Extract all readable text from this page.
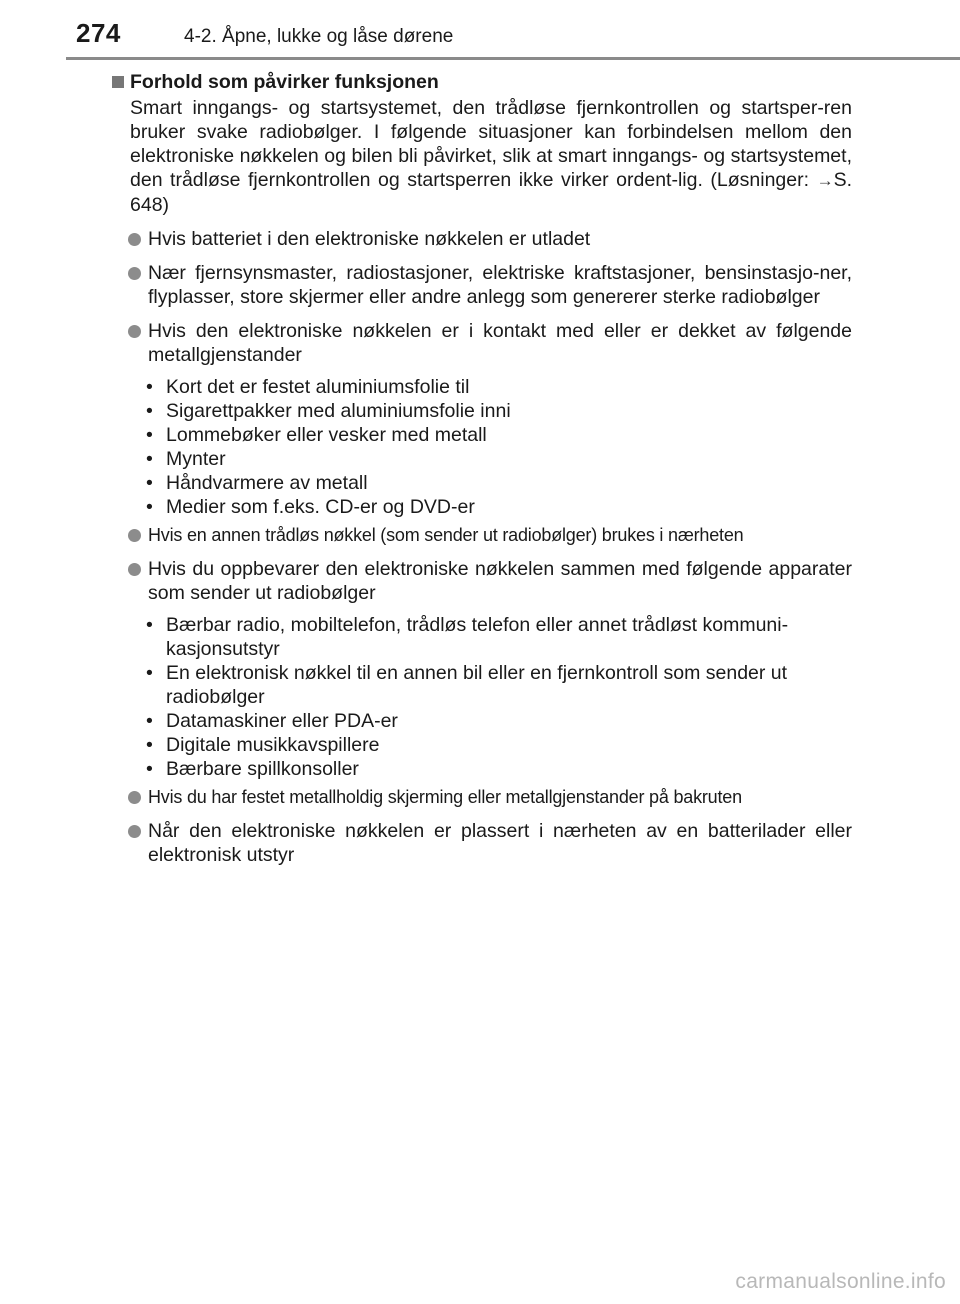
274	4-2. Åpne, lukke og låse dørene
Forhold som påvirker funksjonen
Smart inngangs- og startsystemet, den trådløse fjernkontrollen og startsper-ren bruker svake radiobølger. I følgende situasjoner kan forbindelsen mellom den elektroniske nøkkelen og bilen bli påvirket, slik at smart inngangs- og startsystemet, den trådløse fjernkontrollen og startsperren ikke virker ordent-lig. (Løsninger: →S. 648)
Hvis batteriet i den elektroniske nøkkelen er utladet
Nær fjernsynsmaster, radiostasjoner, elektriske kraftstasjoner, bensinstasjo-ner, flyplasser, store skjermer eller andre anlegg som genererer sterke radiobølger
Hvis den elektroniske nøkkelen er i kontakt med eller er dekket av følgende metallgjenstander
• Kort det er festet aluminiumsfolie til
• Sigarettpakker med aluminiumsfolie inni
• Lommebøker eller vesker med metall
• Mynter
• Håndvarmere av metall
• Medier som f.eks. CD-er og DVD-er
Hvis en annen trådløs nøkkel (som sender ut radiobølger) brukes i nærheten
Hvis du oppbevarer den elektroniske nøkkelen sammen med følgende apparater som sender ut radiobølger
• Bærbar radio, mobiltelefon, trådløs telefon eller annet trådløst kommuni-kasjonsutstyr
• En elektronisk nøkkel til en annen bil eller en fjernkontroll som sender ut radiobølger
• Datamaskiner eller PDA-er
• Digitale musikkavspillere
• Bærbare spillkonsoller
Hvis du har festet metallholdig skjerming eller metallgjenstander på bakruten
Når den elektroniske nøkkelen er plassert i nærheten av en batterilader eller elektronisk utstyr
carmanualsonline.info
